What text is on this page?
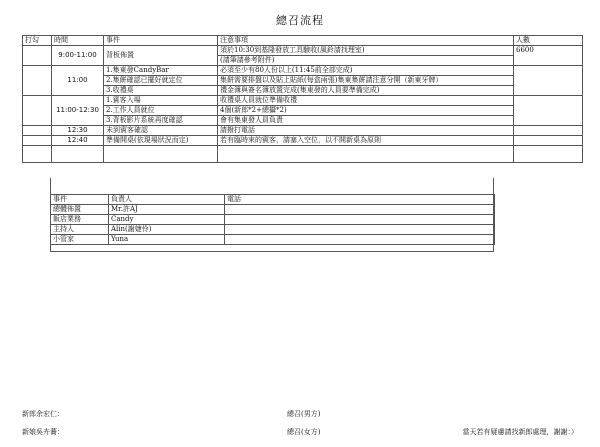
總召流程
打勾	時間	事件	注意事項	人數
	9:00-11:00	背板佈置	須於10:30到基隆發放工具驗收(風鈴請找理室)	6600
			(請筆請參考附件)	
	11:00	1.集東發CandyBar	必須至少有80人份以上(11:45前全部完成)	
		2.集餅確認已擺好就定位	集餅需要排盤以及貼上貼紙(每盒兩張)集東集餅請注意分開（新東牙牌）	
		3.收禮桌	禮金簿與簽名簿放置完成(集東發的人員要準備完成)	
	11:00-12:30	1.賓客入場	收禮桌人員就位準備收禮	
		2.工作人員就位	4個(新郎*2+總攝*2)	
		3.背板影片系統再度確認	會有集東發人員負責	
	12:30	未到賓客確認	請撥打電話	
	12:40	準備開桌(依現場狀況而定)	若有臨時來的賓客，請塞入空位，以不開新桌為原則	

事件	負責人	電話
總體佈置	Mr.許AJ	
飯店業務	Candy	
主持人	Alin(謝婕伶)	
小管家	Yuna	
新郎余宏仁：
新娘吳卉蕎：
總召(男方)
總召(女方)	當天若有疑慮請找新郎處理，謝謝：）
